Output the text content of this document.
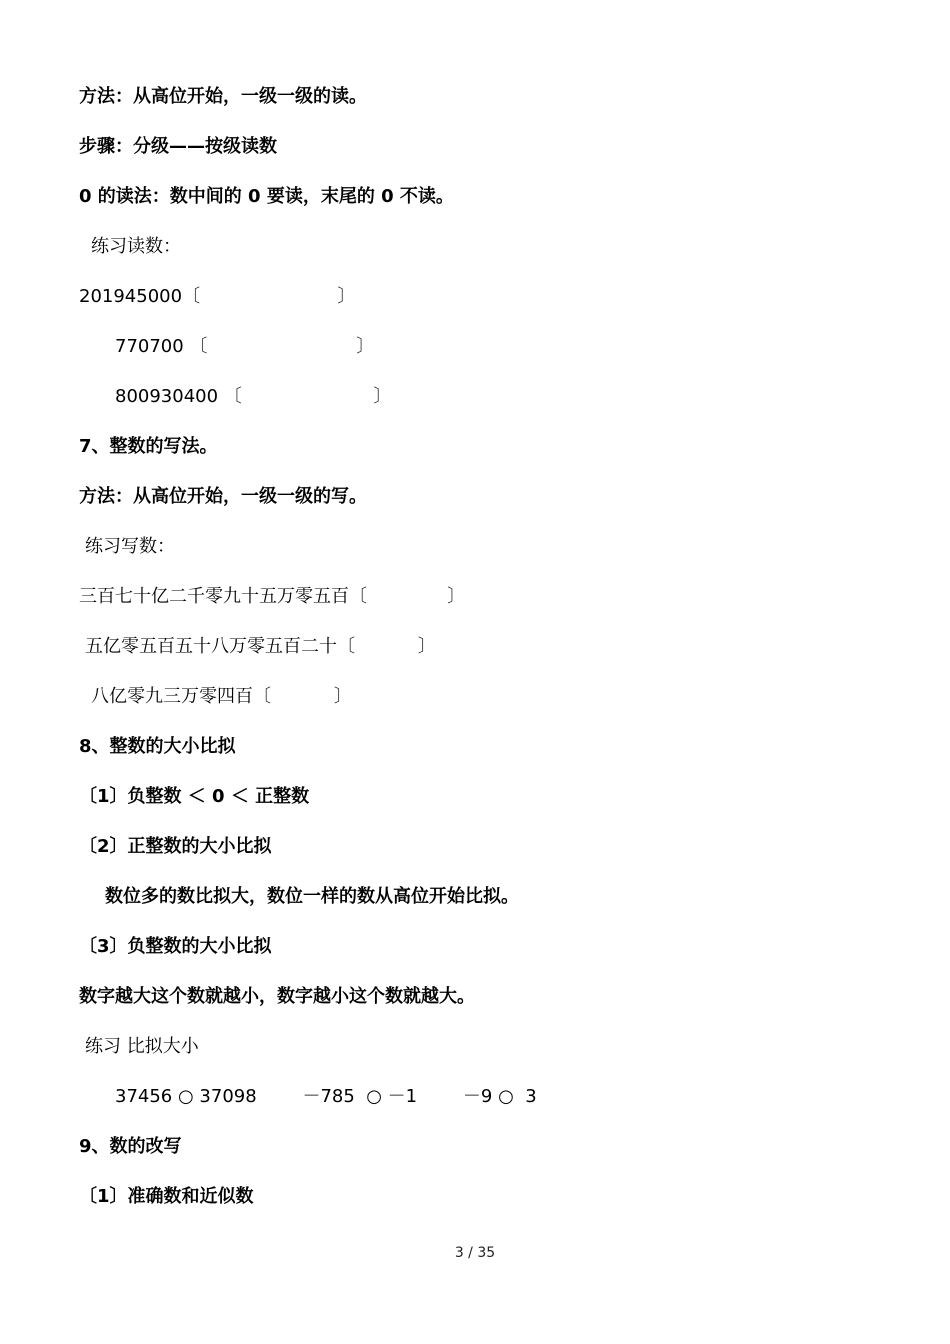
方法：从高位开始，一级一级的读。
步骤：分级——按级读数
0 的读法：数中间的 0 要读，末尾的 0 不读。
练习读数：
201945000〔                        〕
770700 〔                          〕
800930400 〔                       〕
7、整数的写法。
方法：从高位开始，一级一级的写。
练习写数：
三百七十亿二千零九十五万零五百〔              〕
五亿零五百五十八万零五百二十〔           〕
八亿零九三万零四百〔           〕
8、整数的大小比拟
〔1〕负整数 ＜ 0 ＜ 正整数
〔2〕正整数的大小比拟
数位多的数比拟大，数位一样的数从高位开始比拟。
〔3〕负整数的大小比拟
数字越大这个数就越小，数字越小这个数就越大。
练习 比拟大小
37456 ○ 37098        －785  ○ －1        －9 ○  3
9、数的改写
〔1〕准确数和近似数
3 / 35
